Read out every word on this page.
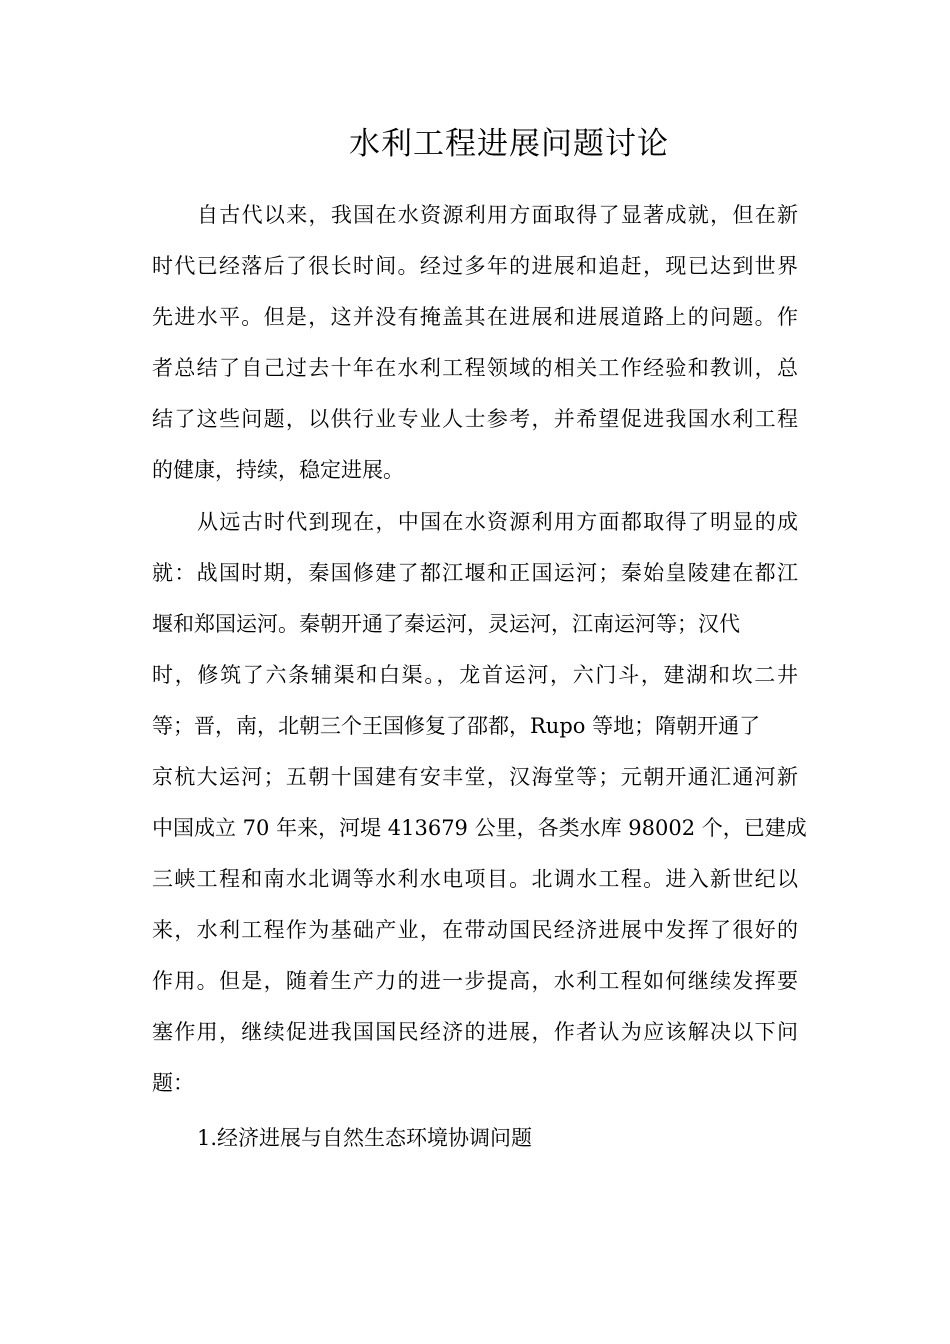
水利工程进展问题讨论
自古代以来，我国在水资源利用方面取得了显著成就，但在新
时代已经落后了很长时间。经过多年的进展和追赶，现已达到世界
先进水平。但是，这并没有掩盖其在进展和进展道路上的问题。作
者总结了自己过去十年在水利工程领域的相关工作经验和教训，总
结了这些问题，以供行业专业人士参考，并希望促进我国水利工程
的健康，持续，稳定进展。
从远古时代到现在，中国在水资源利用方面都取得了明显的成
就：战国时期，秦国修建了都江堰和正国运河；秦始皇陵建在都江
堰和郑国运河。秦朝开通了秦运河，灵运河，江南运河等；汉代
时，修筑了六条辅渠和白渠。，龙首运河，六门斗，建湖和坎二井
等；晋，南，北朝三个王国修复了邵都，Rupo 等地；隋朝开通了
京杭大运河；五朝十国建有安丰堂，汉海堂等；元朝开通汇通河新
中国成立 70 年来，河堤 413679 公里，各类水库 98002 个，已建成
三峡工程和南水北调等水利水电项目。北调水工程。进入新世纪以
来，水利工程作为基础产业，在带动国民经济进展中发挥了很好的
作用。但是，随着生产力的进一步提高，水利工程如何继续发挥要
塞作用，继续促进我国国民经济的进展，作者认为应该解决以下问
题：
1.经济进展与自然生态环境协调问题
